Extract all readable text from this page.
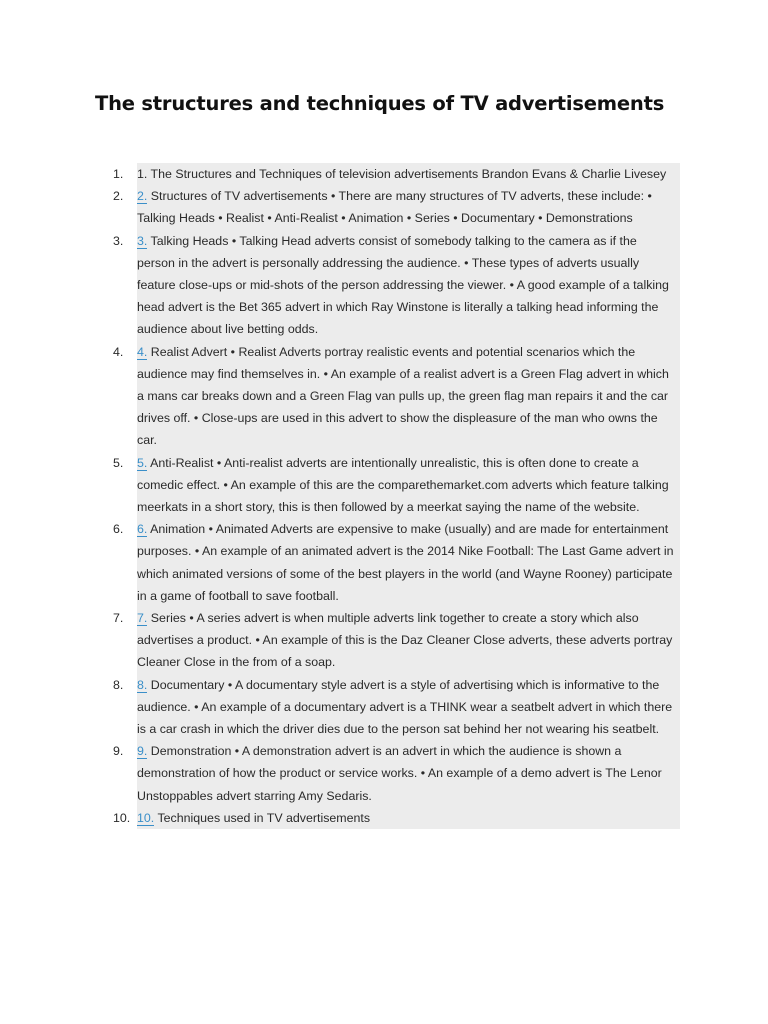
The structures and techniques of TV advertisements
1.	1. The Structures and Techniques of television advertisements Brandon Evans & Charlie Livesey
2.	2. Structures of TV advertisements • There are many structures of TV adverts, these include: • Talking Heads • Realist • Anti-Realist • Animation • Series • Documentary • Demonstrations
3.	3. Talking Heads • Talking Head adverts consist of somebody talking to the camera as if the person in the advert is personally addressing the audience. • These types of adverts usually feature close-ups or mid-shots of the person addressing the viewer. • A good example of a talking head advert is the Bet 365 advert in which Ray Winstone is literally a talking head informing the audience about live betting odds.
4.	4. Realist Advert • Realist Adverts portray realistic events and potential scenarios which the audience may find themselves in. • An example of a realist advert is a Green Flag advert in which a mans car breaks down and a Green Flag van pulls up, the green flag man repairs it and the car drives off. • Close-ups are used in this advert to show the displeasure of the man who owns the car.
5.	5. Anti-Realist • Anti-realist adverts are intentionally unrealistic, this is often done to create a comedic effect. • An example of this are the comparethemarket.com adverts which feature talking meerkats in a short story, this is then followed by a meerkat saying the name of the website.
6.	6. Animation • Animated Adverts are expensive to make (usually) and are made for entertainment purposes. • An example of an animated advert is the 2014 Nike Football: The Last Game advert in which animated versions of some of the best players in the world (and Wayne Rooney) participate in a game of football to save football.
7.	7. Series • A series advert is when multiple adverts link together to create a story which also advertises a product. • An example of this is the Daz Cleaner Close adverts, these adverts portray Cleaner Close in the from of a soap.
8.	8. Documentary • A documentary style advert is a style of advertising which is informative to the audience. • An example of a documentary advert is a THINK wear a seatbelt advert in which there is a car crash in which the driver dies due to the person sat behind her not wearing his seatbelt.
9.	9. Demonstration • A demonstration advert is an advert in which the audience is shown a demonstration of how the product or service works. • An example of a demo advert is The Lenor Unstoppables advert starring Amy Sedaris.
10. 10. Techniques used in TV advertisements
